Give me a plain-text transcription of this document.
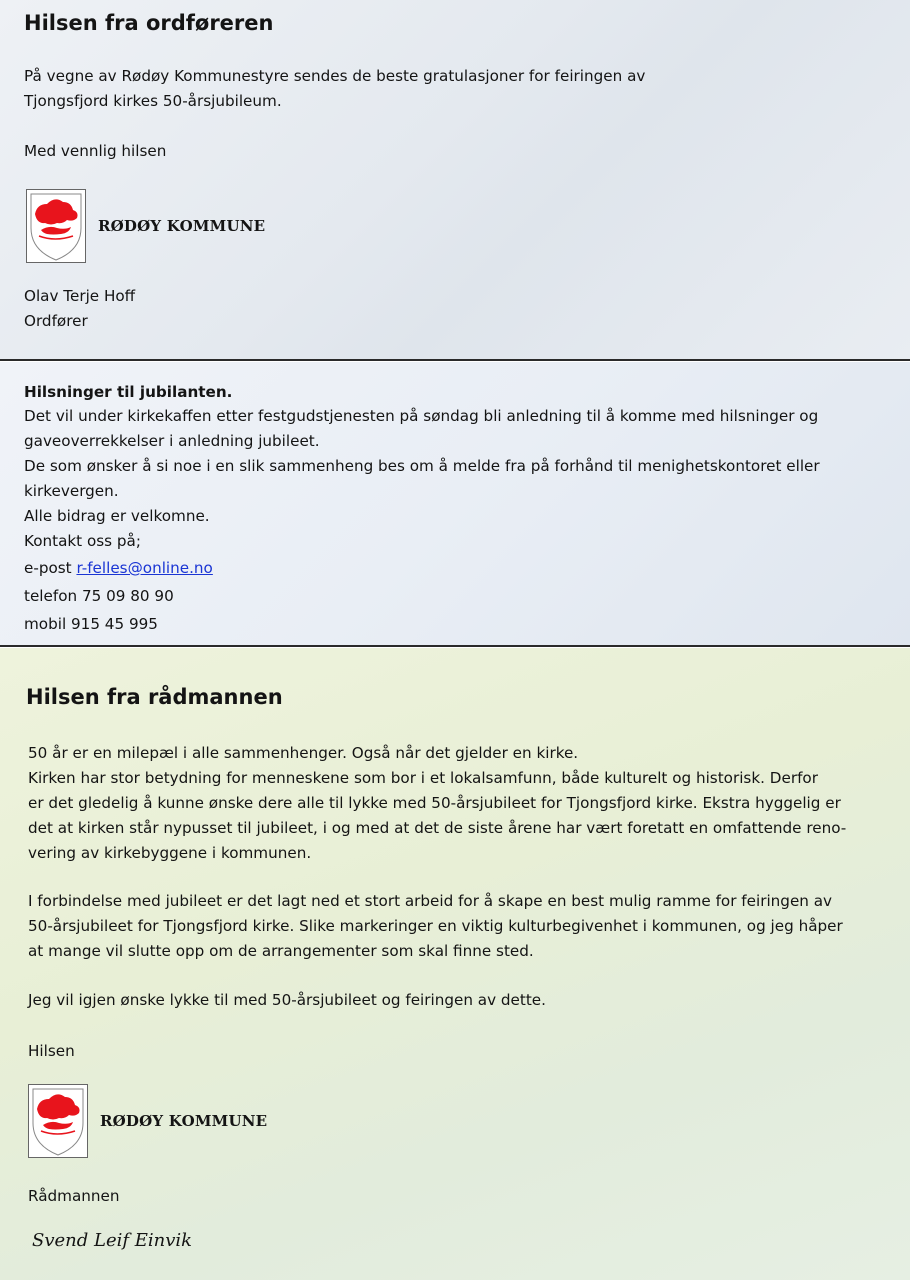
Hilsen fra ordføreren

På vegne av Rødøy Kommunestyre sendes de beste gratulasjoner for feiringen av

Tjongsfjord kirkes 50-årsjubileum.

Med vennlig hilsen

RØDØY KOMMUNE

Olav Terje Hoff

Ordfører

Hilsninger til jubilanten.

Det vil under kirkekaffen etter festgudstjenesten på søndag bli anledning til å komme med hilsninger og

gaveoverrekkelser i anledning jubileet.

De som ønsker å si noe i en slik sammenheng bes om å melde fra på forhånd til menighetskontoret eller

kirkevergen.

Alle bidrag er velkomne.

Kontakt oss på;

e-post r-felles@online.no

telefon 75 09 80 90

mobil 915 45 995

Hilsen fra rådmannen

50 år er en milepæl i alle sammenhenger. Også når det gjelder en kirke.

Kirken har stor betydning for menneskene som bor i et lokalsamfunn, både kulturelt og historisk. Derfor

er det gledelig å kunne ønske dere alle til lykke med 50-årsjubileet for Tjongsfjord kirke. Ekstra hyggelig er

det at kirken står nypusset til jubileet, i og med at det de siste årene har vært foretatt en omfattende reno-

vering av kirkebyggene i kommunen.

I forbindelse med jubileet er det lagt ned et stort arbeid for å skape en best mulig ramme for feiringen av

50-årsjubileet for Tjongsfjord kirke. Slike markeringer en viktig kulturbegivenhet i kommunen, og jeg håper

at mange vil slutte opp om de arrangementer som skal finne sted.

Jeg vil igjen ønske lykke til med 50-årsjubileet og feiringen av dette.

Hilsen

RØDØY KOMMUNE

Rådmannen

Svend Leif Einvik
